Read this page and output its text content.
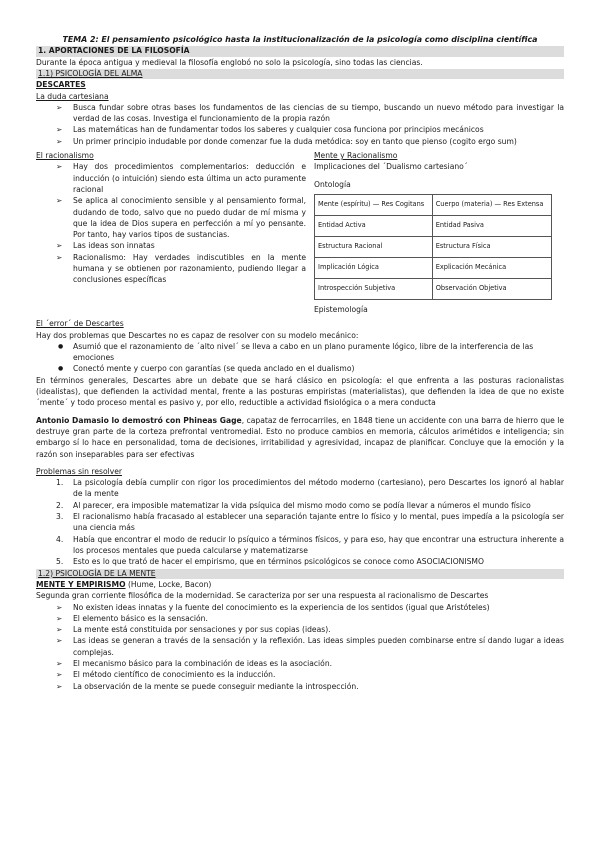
TEMA 2: El pensamiento psicológico hasta la institucionalización de la psicología como disciplina científica
1. APORTACIONES DE LA FILOSOFÍA
Durante la época antigua y medieval la filosofía englobó no solo la psicología, sino todas las ciencias.
1.1) PSICOLOGÍA DEL ALMA
DESCARTES
La duda cartesiana
➢ Busca fundar sobre otras bases los fundamentos de las ciencias de su tiempo, buscando un nuevo método para investigar la verdad de las cosas. Investiga el funcionamiento de la propia razón
➢ Las matemáticas han de fundamentar todos los saberes y cualquier cosa funciona por principios mecánicos
➢ Un primer principio indudable por donde comenzar fue la duda metódica: soy en tanto que pienso (cogito ergo sum)
El racionalismo
➢ Hay dos procedimientos complementarios: deducción e inducción (o intuición) siendo esta última un acto puramente racional
➢ Se aplica al conocimiento sensible y al pensamiento formal, dudando de todo, salvo que no puedo dudar de mí misma y que la idea de Dios supera en perfección a mí yo pensante. Por tanto, hay varios tipos de sustancias.
➢ Las ideas son innatas
➢ Racionalismo: Hay verdades indiscutibles en la mente humana y se obtienen por razonamiento, pudiendo llegar a conclusiones específicas
Mente y Racionalismo
Implicaciones del ´Dualismo cartesiano´
Ontología
Mente (espíritu) — Res Cogitans	Cuerpo (materia) — Res Extensa
Entidad Activa	Entidad Pasiva
Estructura Racional	Estructura Física
Implicación Lógica	Explicación Mecánica
Introspección Subjetiva	Observación Objetiva
Epistemología
El ´error´ de Descartes
Hay dos problemas que Descartes no es capaz de resolver con su modelo mecánico:
● Asumió que el razonamiento de ´alto nivel´ se lleva a cabo en un plano puramente lógico, libre de la interferencia de las emociones
● Conectó mente y cuerpo con garantías (se queda anclado en el dualismo)
En términos generales, Descartes abre un debate que se hará clásico en psicología: el que enfrenta a las posturas racionalistas (idealistas), que defienden la actividad mental, frente a las posturas empiristas (materialistas), que defienden la idea de que no existe ´mente´ y todo proceso mental es pasivo y, por ello, reductible a actividad fisiológica o a mera conducta
Antonio Damasio lo demostró con Phineas Gage, capataz de ferrocarriles, en 1848 tiene un accidente con una barra de hierro que le destruye gran parte de la corteza prefrontal ventromedial. Esto no produce cambios en memoria, cálculos arimétidos e inteligencia; sin embargo sí lo hace en personalidad, toma de decisiones, irritabilidad y agresividad, incapaz de planificar. Concluye que la emoción y la razón son inseparables para ser efectivas
Problemas sin resolver
1. La psicología debía cumplir con rigor los procedimientos del método moderno (cartesiano), pero Descartes los ignoró al hablar de la mente
2. Al parecer, era imposible matematizar la vida psíquica del mismo modo como se podía llevar a números el mundo físico
3. El racionalismo había fracasado al establecer una separación tajante entre lo físico y lo mental, pues impedía a la psicología ser una ciencia más
4. Había que encontrar el modo de reducir lo psíquico a términos físicos, y para eso, hay que encontrar una estructura inherente a los procesos mentales que pueda calcularse y matematizarse
5. Esto es lo que trató de hacer el empirismo, que en términos psicológicos se conoce como ASOCIACIONISMO
1.2) PSICOLOGÍA DE LA MENTE
MENTE Y EMPIRISMO (Hume, Locke, Bacon)
Segunda gran corriente filosófica de la modernidad. Se caracteriza por ser una respuesta al racionalismo de Descartes
➢ No existen ideas innatas y la fuente del conocimiento es la experiencia de los sentidos (igual que Aristóteles)
➢ El elemento básico es la sensación.
➢ La mente está constituida por sensaciones y por sus copias (ideas).
➢ Las ideas se generan a través de la sensación y la reflexión. Las ideas simples pueden combinarse entre sí dando lugar a ideas complejas.
➢ El mecanismo básico para la combinación de ideas es la asociación.
➢ El método científico de conocimiento es la inducción.
➢ La observación de la mente se puede conseguir mediante la introspección.
